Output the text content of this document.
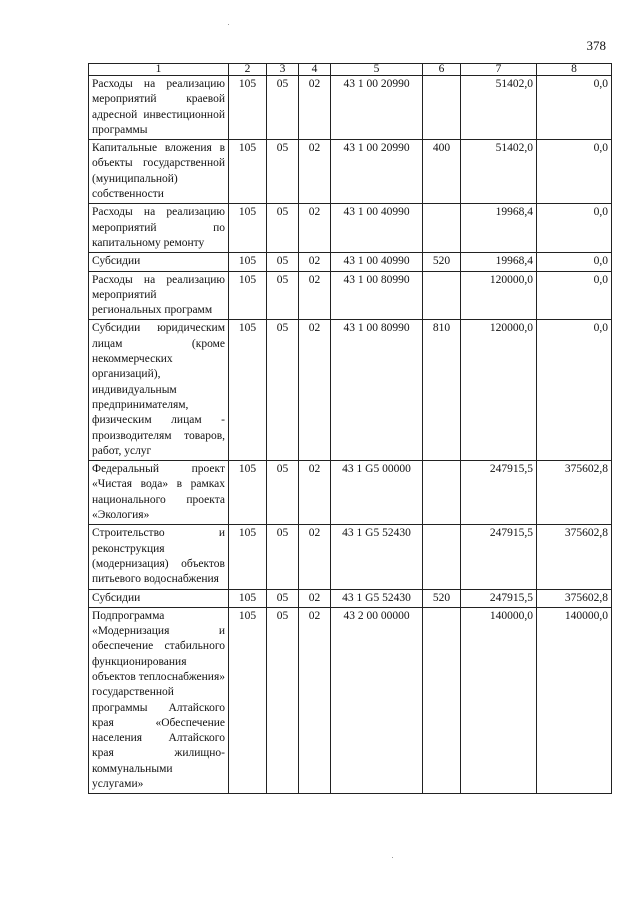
378
1	2	3	4	5	6	7	8
Расходы на реализацию мероприятий краевой адресной инвестиционной программы	105	05	02	43 1 00 20990		51402,0	0,0
Капитальные вложения в объекты государственной (муниципальной) собственности	105	05	02	43 1 00 20990	400	51402,0	0,0
Расходы на реализацию мероприятий по капитальному ремонту	105	05	02	43 1 00 40990		19968,4	0,0
Субсидии	105	05	02	43 1 00 40990	520	19968,4	0,0
Расходы на реализацию мероприятий региональных программ	105	05	02	43 1 00 80990		120000,0	0,0
Субсидии юридическим лицам (кроме некоммерческих организаций), индивидуальным предпринимателям, физическим лицам - производителям товаров, работ, услуг	105	05	02	43 1 00 80990	810	120000,0	0,0
Федеральный проект «Чистая вода» в рамках национального проекта «Экология»	105	05	02	43 1 G5 00000		247915,5	375602,8
Строительство и реконструкция (модернизация) объектов питьевого водоснабжения	105	05	02	43 1 G5 52430		247915,5	375602,8
Субсидии	105	05	02	43 1 G5 52430	520	247915,5	375602,8
Подпрограмма «Модернизация и обеспечение стабильного функционирования объектов теплоснабжения» государственной программы Алтайского края «Обеспечение населения Алтайского края жилищно-коммунальными услугами»	105	05	02	43 2 00 00000		140000,0	140000,0
